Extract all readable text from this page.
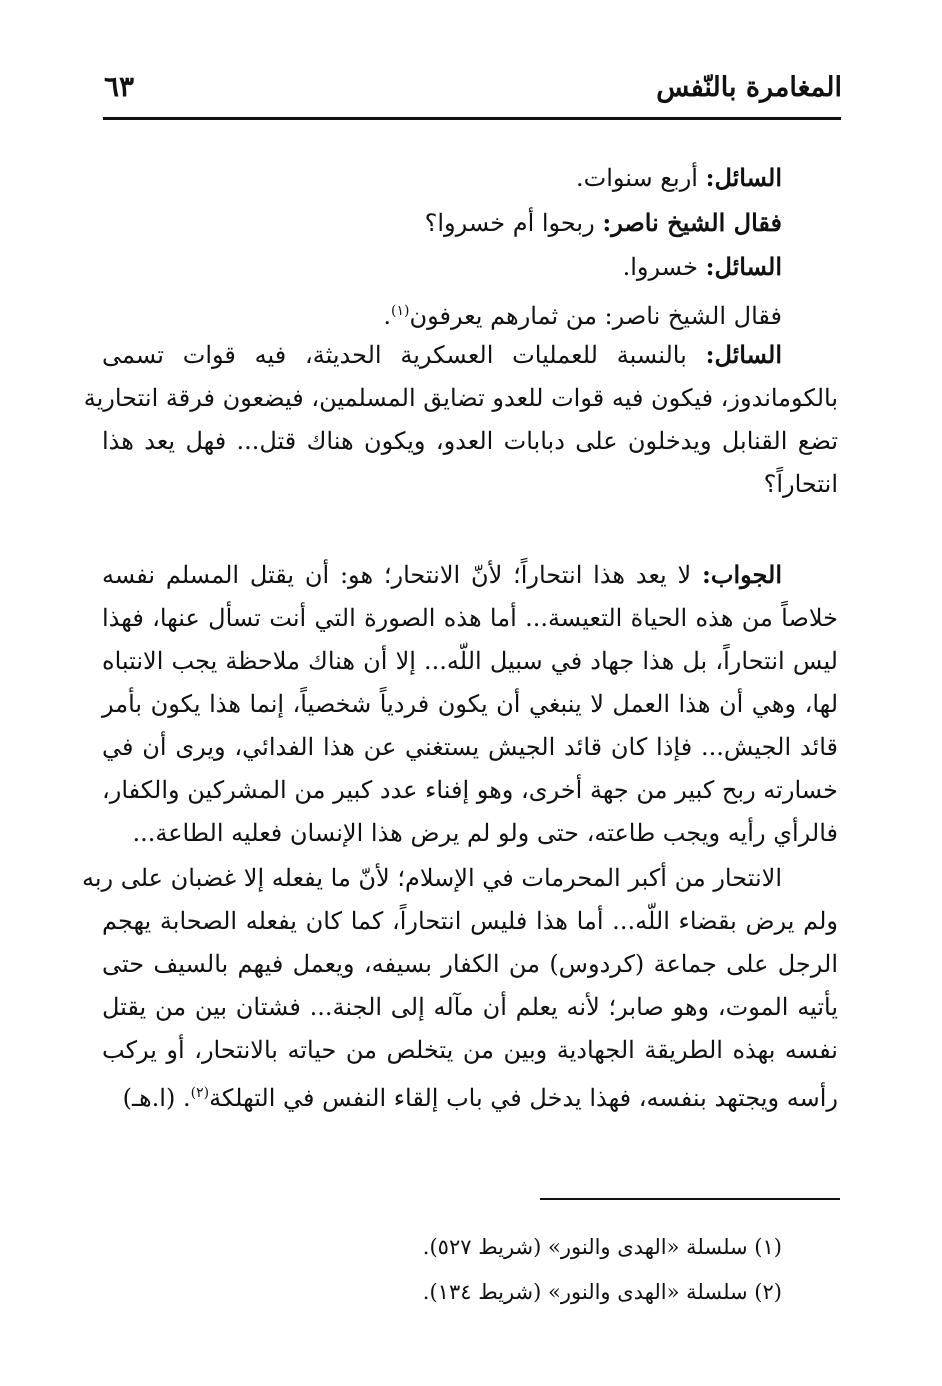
المغامرة بالنّفس
٦٣
السائل: أربع سنوات.
فقال الشيخ ناصر: ربحوا أم خسروا؟
السائل: خسروا.
فقال الشيخ ناصر: من ثمارهم يعرفون$^{(١)}$.
السائل: بالنسبة للعمليات العسكرية الحديثة، فيه قوات تسمى
بالكوماندوز، فيكون فيه قوات للعدو تضايق المسلمين، فيضعون فرقة انتحارية
تضع القنابل ويدخلون على دبابات العدو، ويكون هناك قتل... فهل يعد هذا
انتحاراً؟
الجواب: لا يعد هذا انتحاراً؛ لأنّ الانتحار؛ هو: أن يقتل المسلم نفسه
خلاصاً من هذه الحياة التعيسة... أما هذه الصورة التي أنت تسأل عنها، فهذا
ليس انتحاراً، بل هذا جهاد في سبيل اللّه... إلا أن هناك ملاحظة يجب الانتباه
لها، وهي أن هذا العمل لا ينبغي أن يكون فردياً شخصياً، إنما هذا يكون بأمر
قائد الجيش... فإذا كان قائد الجيش يستغني عن هذا الفدائي، ويرى أن في
خسارته ربح كبير من جهة أخرى، وهو إفناء عدد كبير من المشركين والكفار،
فالرأي رأيه ويجب طاعته، حتى ولو لم يرض هذا الإنسان فعليه الطاعة...
الانتحار من أكبر المحرمات في الإسلام؛ لأنّ ما يفعله إلا غضبان على ربه
ولم يرض بقضاء اللّه... أما هذا فليس انتحاراً، كما كان يفعله الصحابة يهجم
الرجل على جماعة (كردوس) من الكفار بسيفه، ويعمل فيهم بالسيف حتى
يأتيه الموت، وهو صابر؛ لأنه يعلم أن مآله إلى الجنة... فشتان بين من يقتل
نفسه بهذه الطريقة الجهادية وبين من يتخلص من حياته بالانتحار، أو يركب
رأسه ويجتهد بنفسه، فهذا يدخل في باب إلقاء النفس في التهلكة$^{(٢)}$. (ا.هـ)
(١) سلسلة «الهدى والنور» (شريط ٥٢٧).
(٢) سلسلة «الهدى والنور» (شريط ١٣٤).
